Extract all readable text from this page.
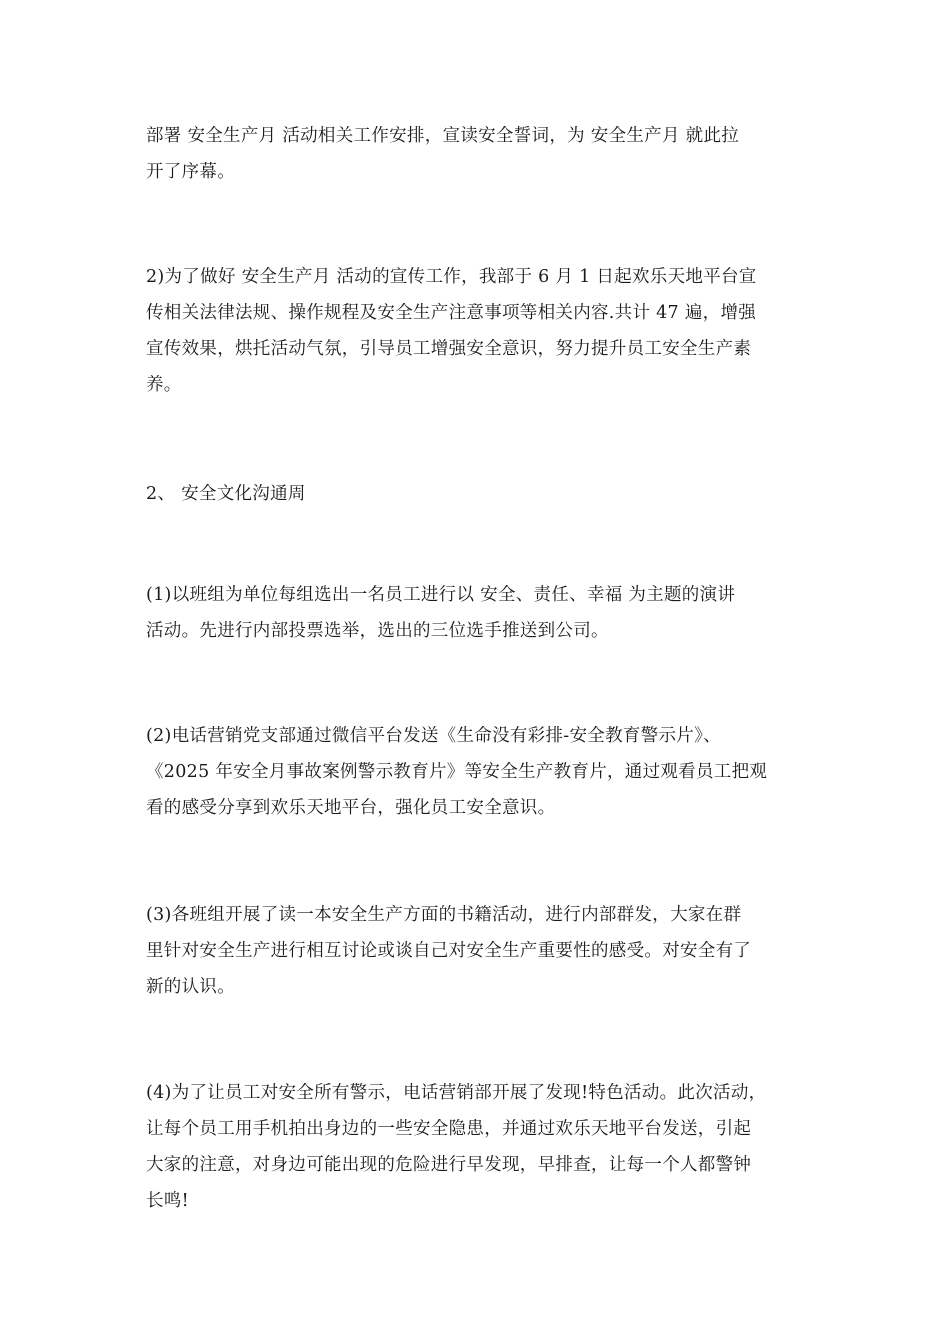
部署 安全生产月 活动相关工作安排，宣读安全誓词，为 安全生产月 就此拉
开了序幕。

2)为了做好 安全生产月 活动的宣传工作，我部于 6 月 1 日起欢乐天地平台宣
传相关法律法规、操作规程及安全生产注意事项等相关内容.共计 47 遍，增强
宣传效果，烘托活动气氛，引导员工增强安全意识，努力提升员工安全生产素
养。

2、 安全文化沟通周

(1)以班组为单位每组选出一名员工进行以 安全、责任、幸福 为主题的演讲
活动。先进行内部投票选举，选出的三位选手推送到公司。

(2)电话营销党支部通过微信平台发送《生命没有彩排-安全教育警示片》、
《2025 年安全月事故案例警示教育片》等安全生产教育片，通过观看员工把观
看的感受分享到欢乐天地平台，强化员工安全意识。

(3)各班组开展了读一本安全生产方面的书籍活动，进行内部群发，大家在群
里针对安全生产进行相互讨论或谈自己对安全生产重要性的感受。对安全有了
新的认识。

(4)为了让员工对安全所有警示，电话营销部开展了发现!特色活动。此次活动，
让每个员工用手机拍出身边的一些安全隐患，并通过欢乐天地平台发送，引起
大家的注意，对身边可能出现的危险进行早发现，早排查，让每一个人都警钟
长鸣!
